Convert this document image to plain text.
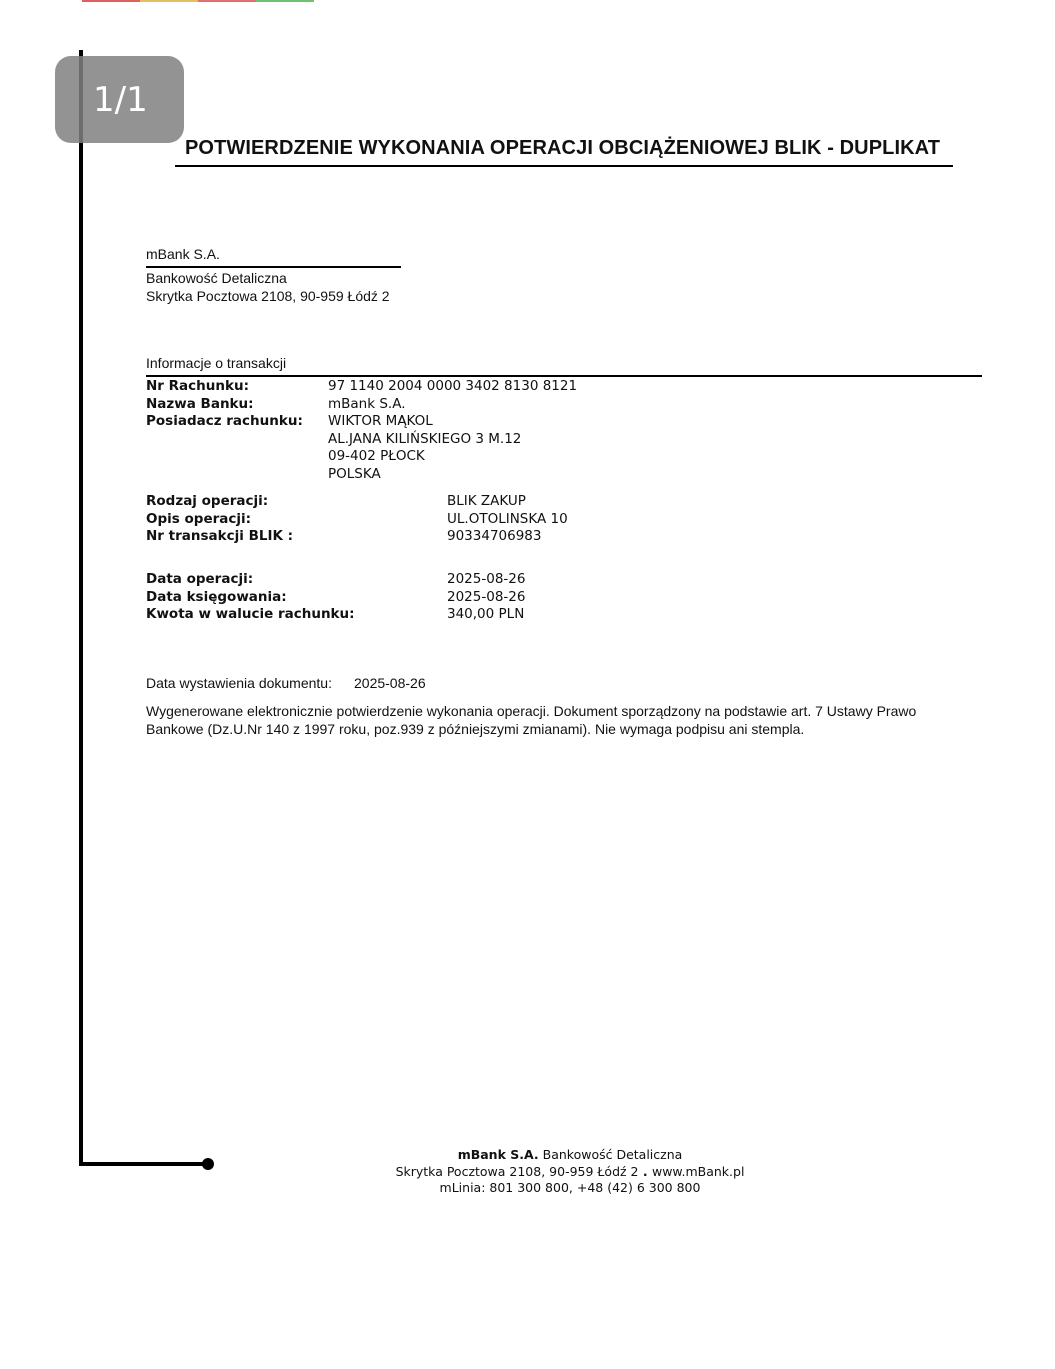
1/1
POTWIERDZENIE WYKONANIA OPERACJI OBCIĄŻENIOWEJ BLIK - DUPLIKAT
mBank S.A.
Bankowość Detaliczna
Skrytka Pocztowa 2108, 90-959 Łódź 2
Informacje o transakcji
Nr Rachunku:	97 1140 2004 0000 3402 8130 8121
Nazwa Banku:	mBank S.A.
Posiadacz rachunku: WIKTOR MĄKOL
AL.JANA KILIŃSKIEGO 3 M.12
09-402 PŁOCK
POLSKA
Rodzaj operacji:	BLIK ZAKUP
Opis operacji:	UL.OTOLINSKA 10
Nr transakcji BLIK :	90334706983
Data operacji:	2025-08-26
Data księgowania:	2025-08-26
Kwota w walucie rachunku:	340,00 PLN
Data wystawienia dokumentu: 2025-08-26
Wygenerowane elektronicznie potwierdzenie wykonania operacji. Dokument sporządzony na podstawie art. 7 Ustawy Prawo Bankowe (Dz.U.Nr 140 z 1997 roku, poz.939 z późniejszymi zmianami). Nie wymaga podpisu ani stempla.
mBank S.A. Bankowość Detaliczna
Skrytka Pocztowa 2108, 90-959 Łódź 2 . www.mBank.pl
mLinia: 801 300 800, +48 (42) 6 300 800
